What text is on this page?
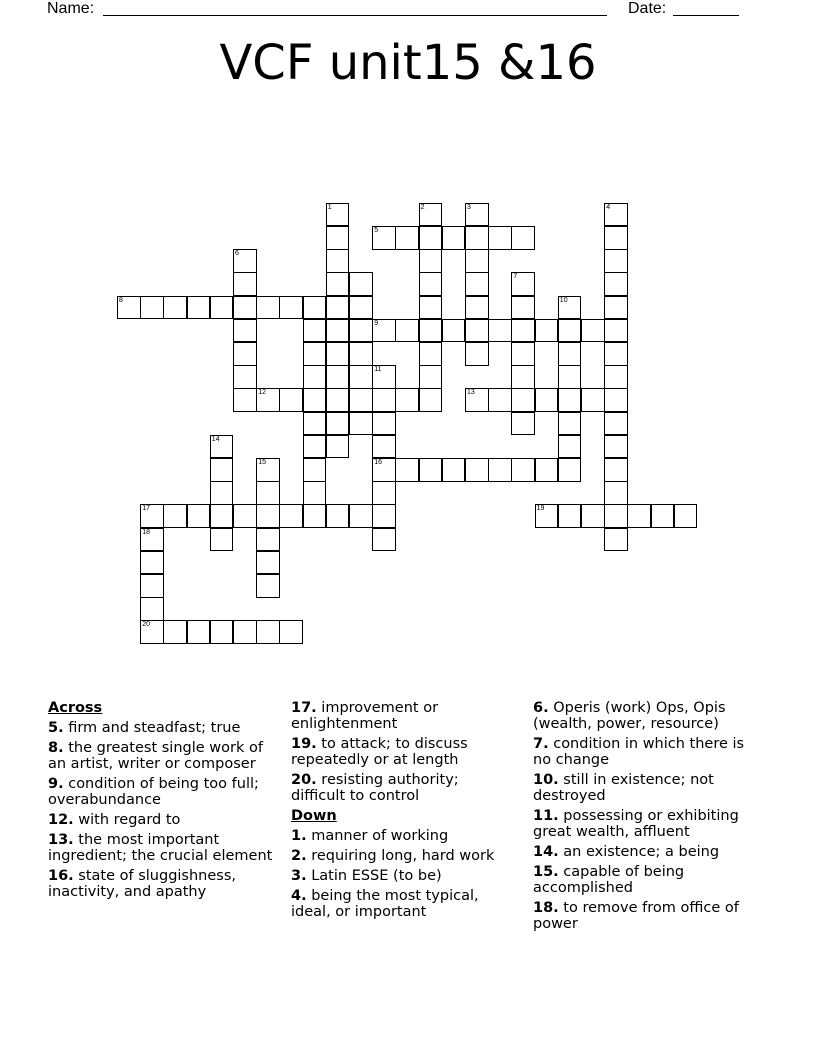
Name:	Date:
VCF unit15 &16
1
6
8
15
14
17
18
20
12
11
16
9
5
2	3
7
10
13
4
19
Across
5. firm and steadfast; true
8. the greatest single work of an artist, writer or composer
9. condition of being too full; overabundance
12. with regard to
13. the most important ingredient; the crucial element
16. state of sluggishness, inactivity, and apathy
17. improvement or enlightenment
19. to attack; to discuss repeatedly or at length
20. resisting authority; difficult to control
Down
1. manner of working
2. requiring long, hard work
3. Latin ESSE (to be)
4. being the most typical, ideal, or important
6. Operis (work) Ops, Opis (wealth, power, resource)
7. condition in which there is no change
10. still in existence; not destroyed
11. possessing or exhibiting great wealth, affluent
14. an existence; a being
15. capable of being accomplished
18. to remove from office of power
